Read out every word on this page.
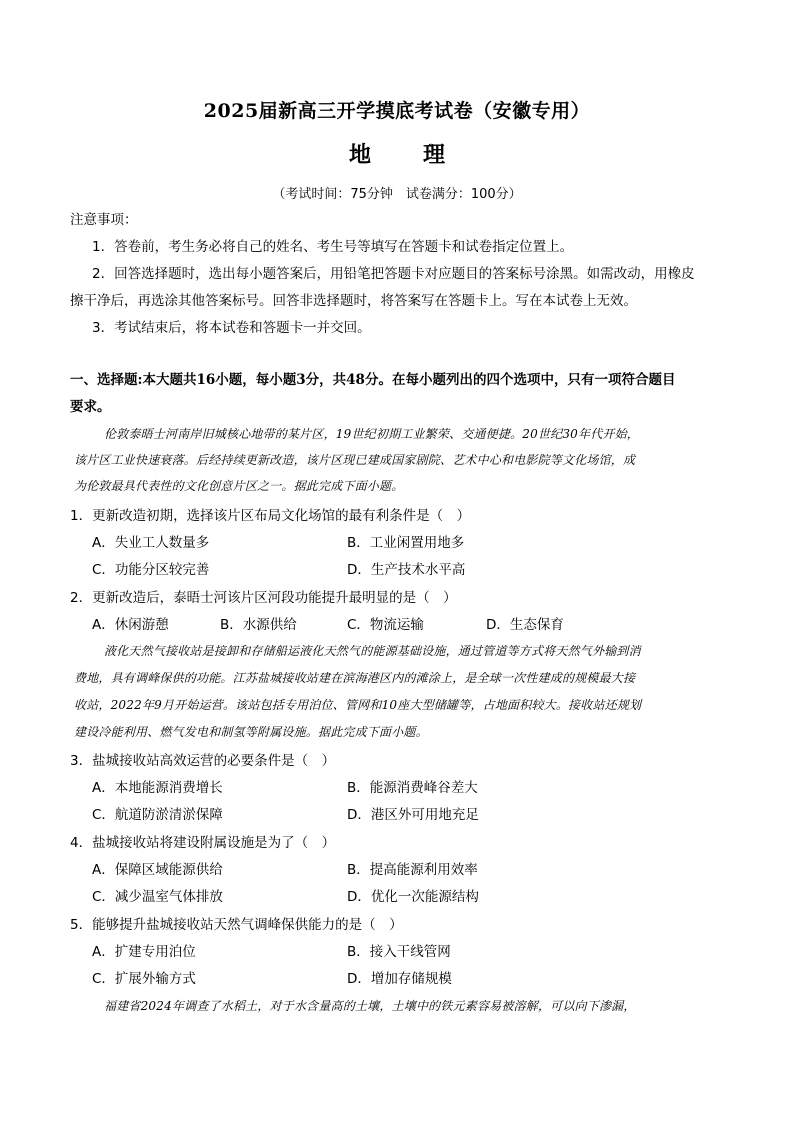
2025届新高三开学摸底考试卷（安徽专用）
地理
（考试时间：75分钟　试卷满分：100分）
注意事项：
1．答卷前，考生务必将自己的姓名、考生号等填写在答题卡和试卷指定位置上。
2．回答选择题时，选出每小题答案后，用铅笔把答题卡对应题目的答案标号涂黑。如需改动，用橡皮
擦干净后，再选涂其他答案标号。回答非选择题时，将答案写在答题卡上。写在本试卷上无效。
3．考试结束后，将本试卷和答题卡一并交回。
一、选择题:本大题共16小题，每小题3分，共48分。在每小题列出的四个选项中，只有一项符合题目
要求。
伦敦泰晤士河南岸旧城核心地带的某片区，19世纪初期工业繁荣、交通便捷。20世纪30年代开始，
该片区工业快速衰落。后经持续更新改造，该片区现已建成国家剧院、艺术中心和电影院等文化场馆，成
为伦敦最具代表性的文化创意片区之一。据此完成下面小题。
1．更新改造初期，选择该片区布局文化场馆的最有利条件是（　）
A．失业工人数量多	B．工业闲置用地多
C．功能分区较完善	D．生产技术水平高
2．更新改造后，泰晤士河该片区河段功能提升最明显的是（　）
A．休闲游憩	B．水源供给	C．物流运输	D．生态保育
液化天然气接收站是接卸和存储船运液化天然气的能源基础设施，通过管道等方式将天然气外输到消
费地，具有调峰保供的功能。江苏盐城接收站建在滨海港区内的滩涂上，是全球一次性建成的规模最大接
收站，2022年9月开始运营。该站包括专用泊位、管网和10座大型储罐等，占地面积较大。接收站还规划
建设冷能利用、燃气发电和制氢等附属设施。据此完成下面小题。
3．盐城接收站高效运营的必要条件是（　）
A．本地能源消费增长	B．能源消费峰谷差大
C．航道防淤清淤保障	D．港区外可用地充足
4．盐城接收站将建设附属设施是为了（　）
A．保障区域能源供给	B．提高能源利用效率
C．减少温室气体排放	D．优化一次能源结构
5．能够提升盐城接收站天然气调峰保供能力的是（　）
A．扩建专用泊位	B．接入干线管网
C．扩展外输方式	D．增加存储规模
福建省2024年调查了水稻土，对于水含量高的土壤，土壤中的铁元素容易被溶解，可以向下渗漏，
